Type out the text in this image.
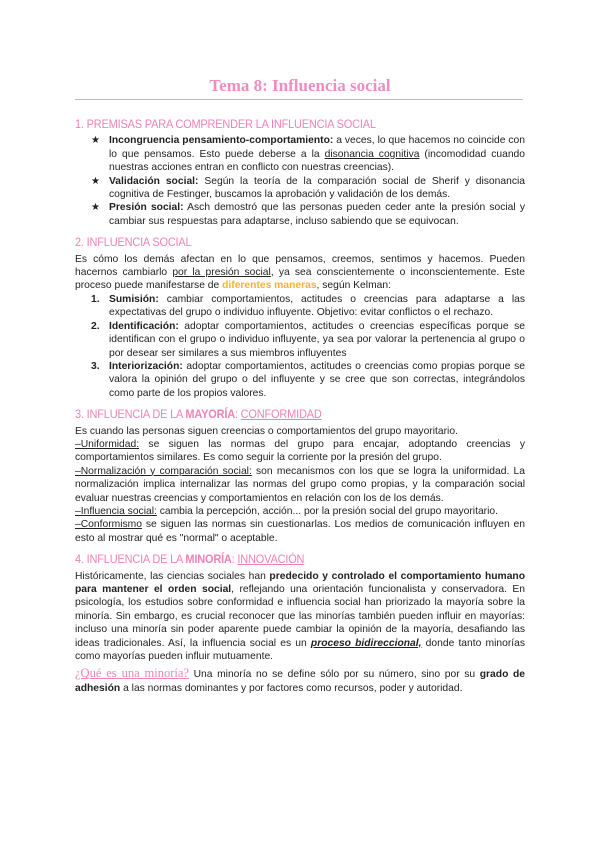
Tema 8: Influencia social
1. PREMISAS PARA COMPRENDER LA INFLUENCIA SOCIAL
★ Incongruencia pensamiento-comportamiento: a veces, lo que hacemos no coincide con lo que pensamos. Esto puede deberse a la disonancia cognitiva (incomodidad cuando nuestras acciones entran en conflicto con nuestras creencias).
★ Validación social: Según la teoría de la comparación social de Sherif y disonancia cognitiva de Festinger, buscamos la aprobación y validación de los demás.
★ Presión social: Asch demostró que las personas pueden ceder ante la presión social y cambiar sus respuestas para adaptarse, incluso sabiendo que se equivocan.
2. INFLUENCIA SOCIAL

Es cómo los demás afectan en lo que pensamos, creemos, sentimos y hacemos. Pueden hacernos cambiarlo por la presión social, ya sea conscientemente o inconscientemente. Este proceso puede manifestarse de diferentes maneras, según Kelman:

1. Sumisión: cambiar comportamientos, actitudes o creencias para adaptarse a las expectativas del grupo o individuo influyente. Objetivo: evitar conflictos o el rechazo.
2. Identificación: adoptar comportamientos, actitudes o creencias específicas porque se identifican con el grupo o individuo influyente, ya sea por valorar la pertenencia al grupo o por desear ser similares a sus miembros influyentes
3. Interiorización: adoptar comportamientos, actitudes o creencias como propias porque se valora la opinión del grupo o del influyente y se cree que son correctas, integrándolos como parte de los propios valores.
3. INFLUENCIA DE LA MAYORÍA: CONFORMIDAD

Es cuando las personas siguen creencias o comportamientos del grupo mayoritario.

–Uniformidad: se siguen las normas del grupo para encajar, adoptando creencias y comportamientos similares. Es como seguir la corriente por la presión del grupo.

–Normalización y comparación social: son mecanismos con los que se logra la uniformidad. La normalización implica internalizar las normas del grupo como propias, y la comparación social evaluar nuestras creencias y comportamientos en relación con los de los demás.

–Influencia social: cambia la percepción, acción... por la presión social del grupo mayoritario.

–Conformismo se siguen las normas sin cuestionarlas. Los medios de comunicación influyen en esto al mostrar qué es "normal" o aceptable.

4. INFLUENCIA DE LA MINORÍA: INNOVACIÓN

Históricamente, las ciencias sociales han predecido y controlado el comportamiento humano para mantener el orden social, reflejando una orientación funcionalista y conservadora. En psicología, los estudios sobre conformidad e influencia social han priorizado la mayoría sobre la minoría. Sin embargo, es crucial reconocer que las minorías también pueden influir en mayorías: incluso una minoría sin poder aparente puede cambiar la opinión de la mayoría, desafiando las ideas tradicionales. Así, la influencia social es un proceso bidireccional, donde tanto minorías como mayorías pueden influir mutuamente.

¿Qué es una minoría? Una minoría no se define sólo por su número, sino por su grado de adhesión a las normas dominantes y por factores como recursos, poder y autoridad.
